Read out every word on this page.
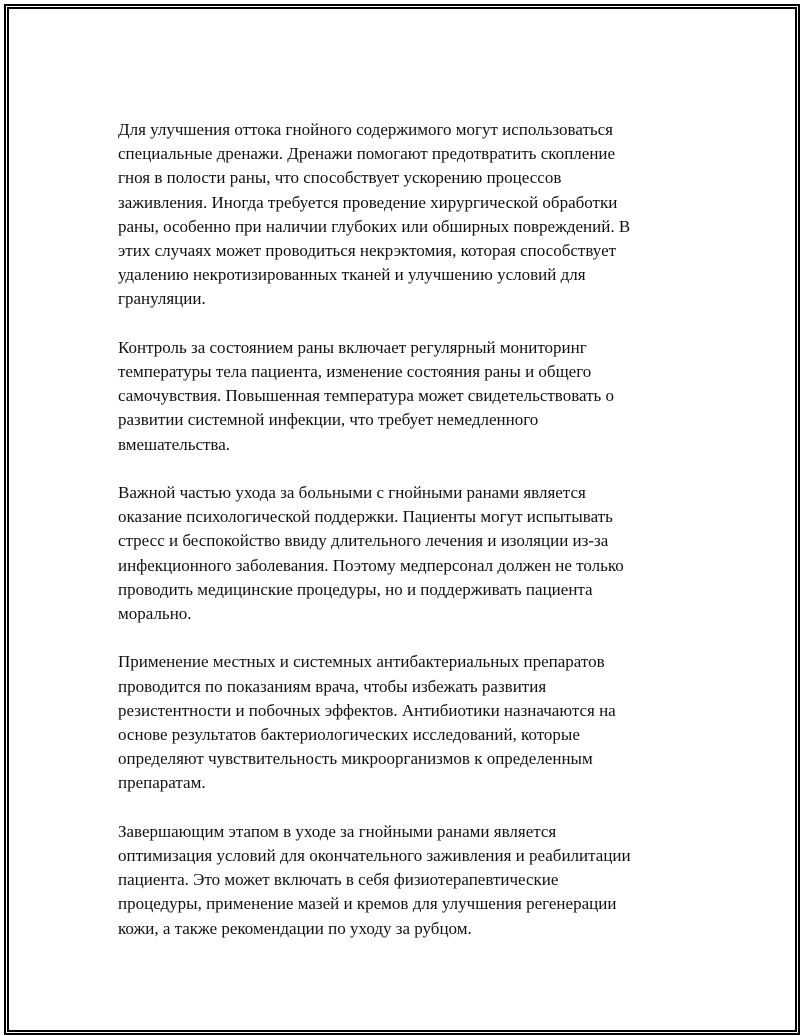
Для улучшения оттока гнойного содержимого могут использоваться
специальные дренажи. Дренажи помогают предотвратить скопление
гноя в полости раны, что способствует ускорению процессов
заживления. Иногда требуется проведение хирургической обработки
раны, особенно при наличии глубоких или обширных повреждений. В
этих случаях может проводиться некрэктомия, которая способствует
удалению некротизированных тканей и улучшению условий для
грануляции.

Контроль за состоянием раны включает регулярный мониторинг
температуры тела пациента, изменение состояния раны и общего
самочувствия. Повышенная температура может свидетельствовать о
развитии системной инфекции, что требует немедленного
вмешательства.

Важной частью ухода за больными с гнойными ранами является
оказание психологической поддержки. Пациенты могут испытывать
стресс и беспокойство ввиду длительного лечения и изоляции из-за
инфекционного заболевания. Поэтому медперсонал должен не только
проводить медицинские процедуры, но и поддерживать пациента
морально.

Применение местных и системных антибактериальных препаратов
проводится по показаниям врача, чтобы избежать развития
резистентности и побочных эффектов. Антибиотики назначаются на
основе результатов бактериологических исследований, которые
определяют чувствительность микроорганизмов к определенным
препаратам.

Завершающим этапом в уходе за гнойными ранами является
оптимизация условий для окончательного заживления и реабилитации
пациента. Это может включать в себя физиотерапевтические
процедуры, применение мазей и кремов для улучшения регенерации
кожи, а также рекомендации по уходу за рубцом.
